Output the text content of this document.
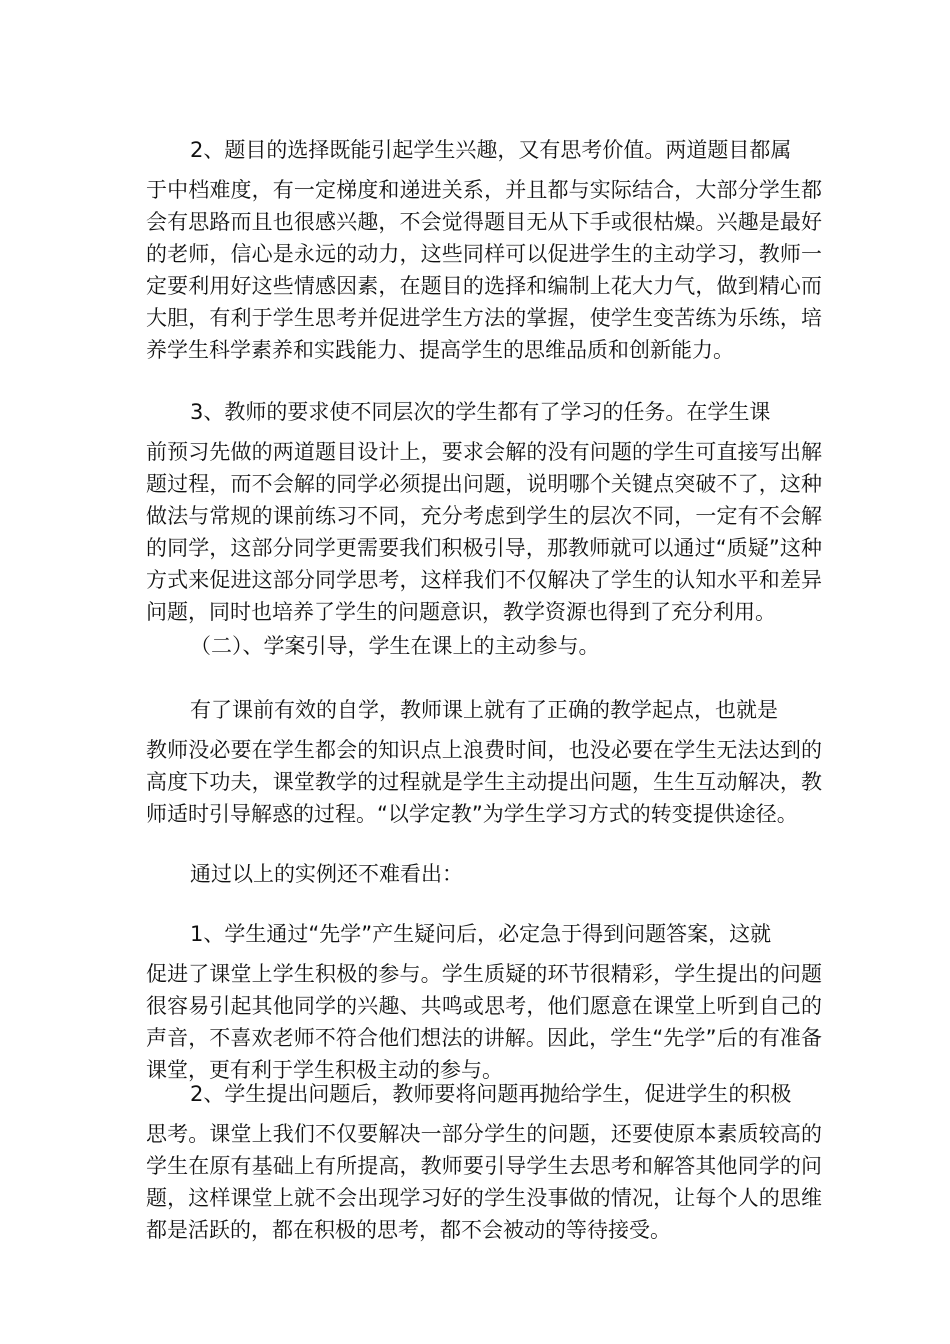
2、题目的选择既能引起学生兴趣，又有思考价值。两道题目都属
于中档难度，有一定梯度和递进关系，并且都与实际结合，大部分学生都会有思路而且也很感兴趣，不会觉得题目无从下手或很枯燥。兴趣是最好的老师，信心是永远的动力，这些同样可以促进学生的主动学习，教师一定要利用好这些情感因素，在题目的选择和编制上花大力气，做到精心而大胆，有利于学生思考并促进学生方法的掌握，使学生变苦练为乐练，培养学生科学素养和实践能力、提高学生的思维品质和创新能力。
3、教师的要求使不同层次的学生都有了学习的任务。在学生课
前预习先做的两道题目设计上，要求会解的没有问题的学生可直接写出解题过程，而不会解的同学必须提出问题，说明哪个关键点突破不了，这种做法与常规的课前练习不同，充分考虑到学生的层次不同，一定有不会解的同学，这部分同学更需要我们积极引导，那教师就可以通过“质疑”这种方式来促进这部分同学思考，这样我们不仅解决了学生的认知水平和差异问题，同时也培养了学生的问题意识，教学资源也得到了充分利用。
（二）、学案引导，学生在课上的主动参与。
有了课前有效的自学，教师课上就有了正确的教学起点，也就是
教师没必要在学生都会的知识点上浪费时间，也没必要在学生无法达到的高度下功夫，课堂教学的过程就是学生主动提出问题，生生互动解决，教师适时引导解惑的过程。“以学定教”为学生学习方式的转变提供途径。
通过以上的实例还不难看出：
1、学生通过“先学”产生疑问后，必定急于得到问题答案，这就
促进了课堂上学生积极的参与。学生质疑的环节很精彩，学生提出的问题很容易引起其他同学的兴趣、共鸣或思考，他们愿意在课堂上听到自己的声音，不喜欢老师不符合他们想法的讲解。因此，学生“先学”后的有准备课堂，更有利于学生积极主动的参与。
2、学生提出问题后，教师要将问题再抛给学生，促进学生的积极
思考。课堂上我们不仅要解决一部分学生的问题，还要使原本素质较高的学生在原有基础上有所提高，教师要引导学生去思考和解答其他同学的问题，这样课堂上就不会出现学习好的学生没事做的情况，让每个人的思维都是活跃的，都在积极的思考，都不会被动的等待接受。
